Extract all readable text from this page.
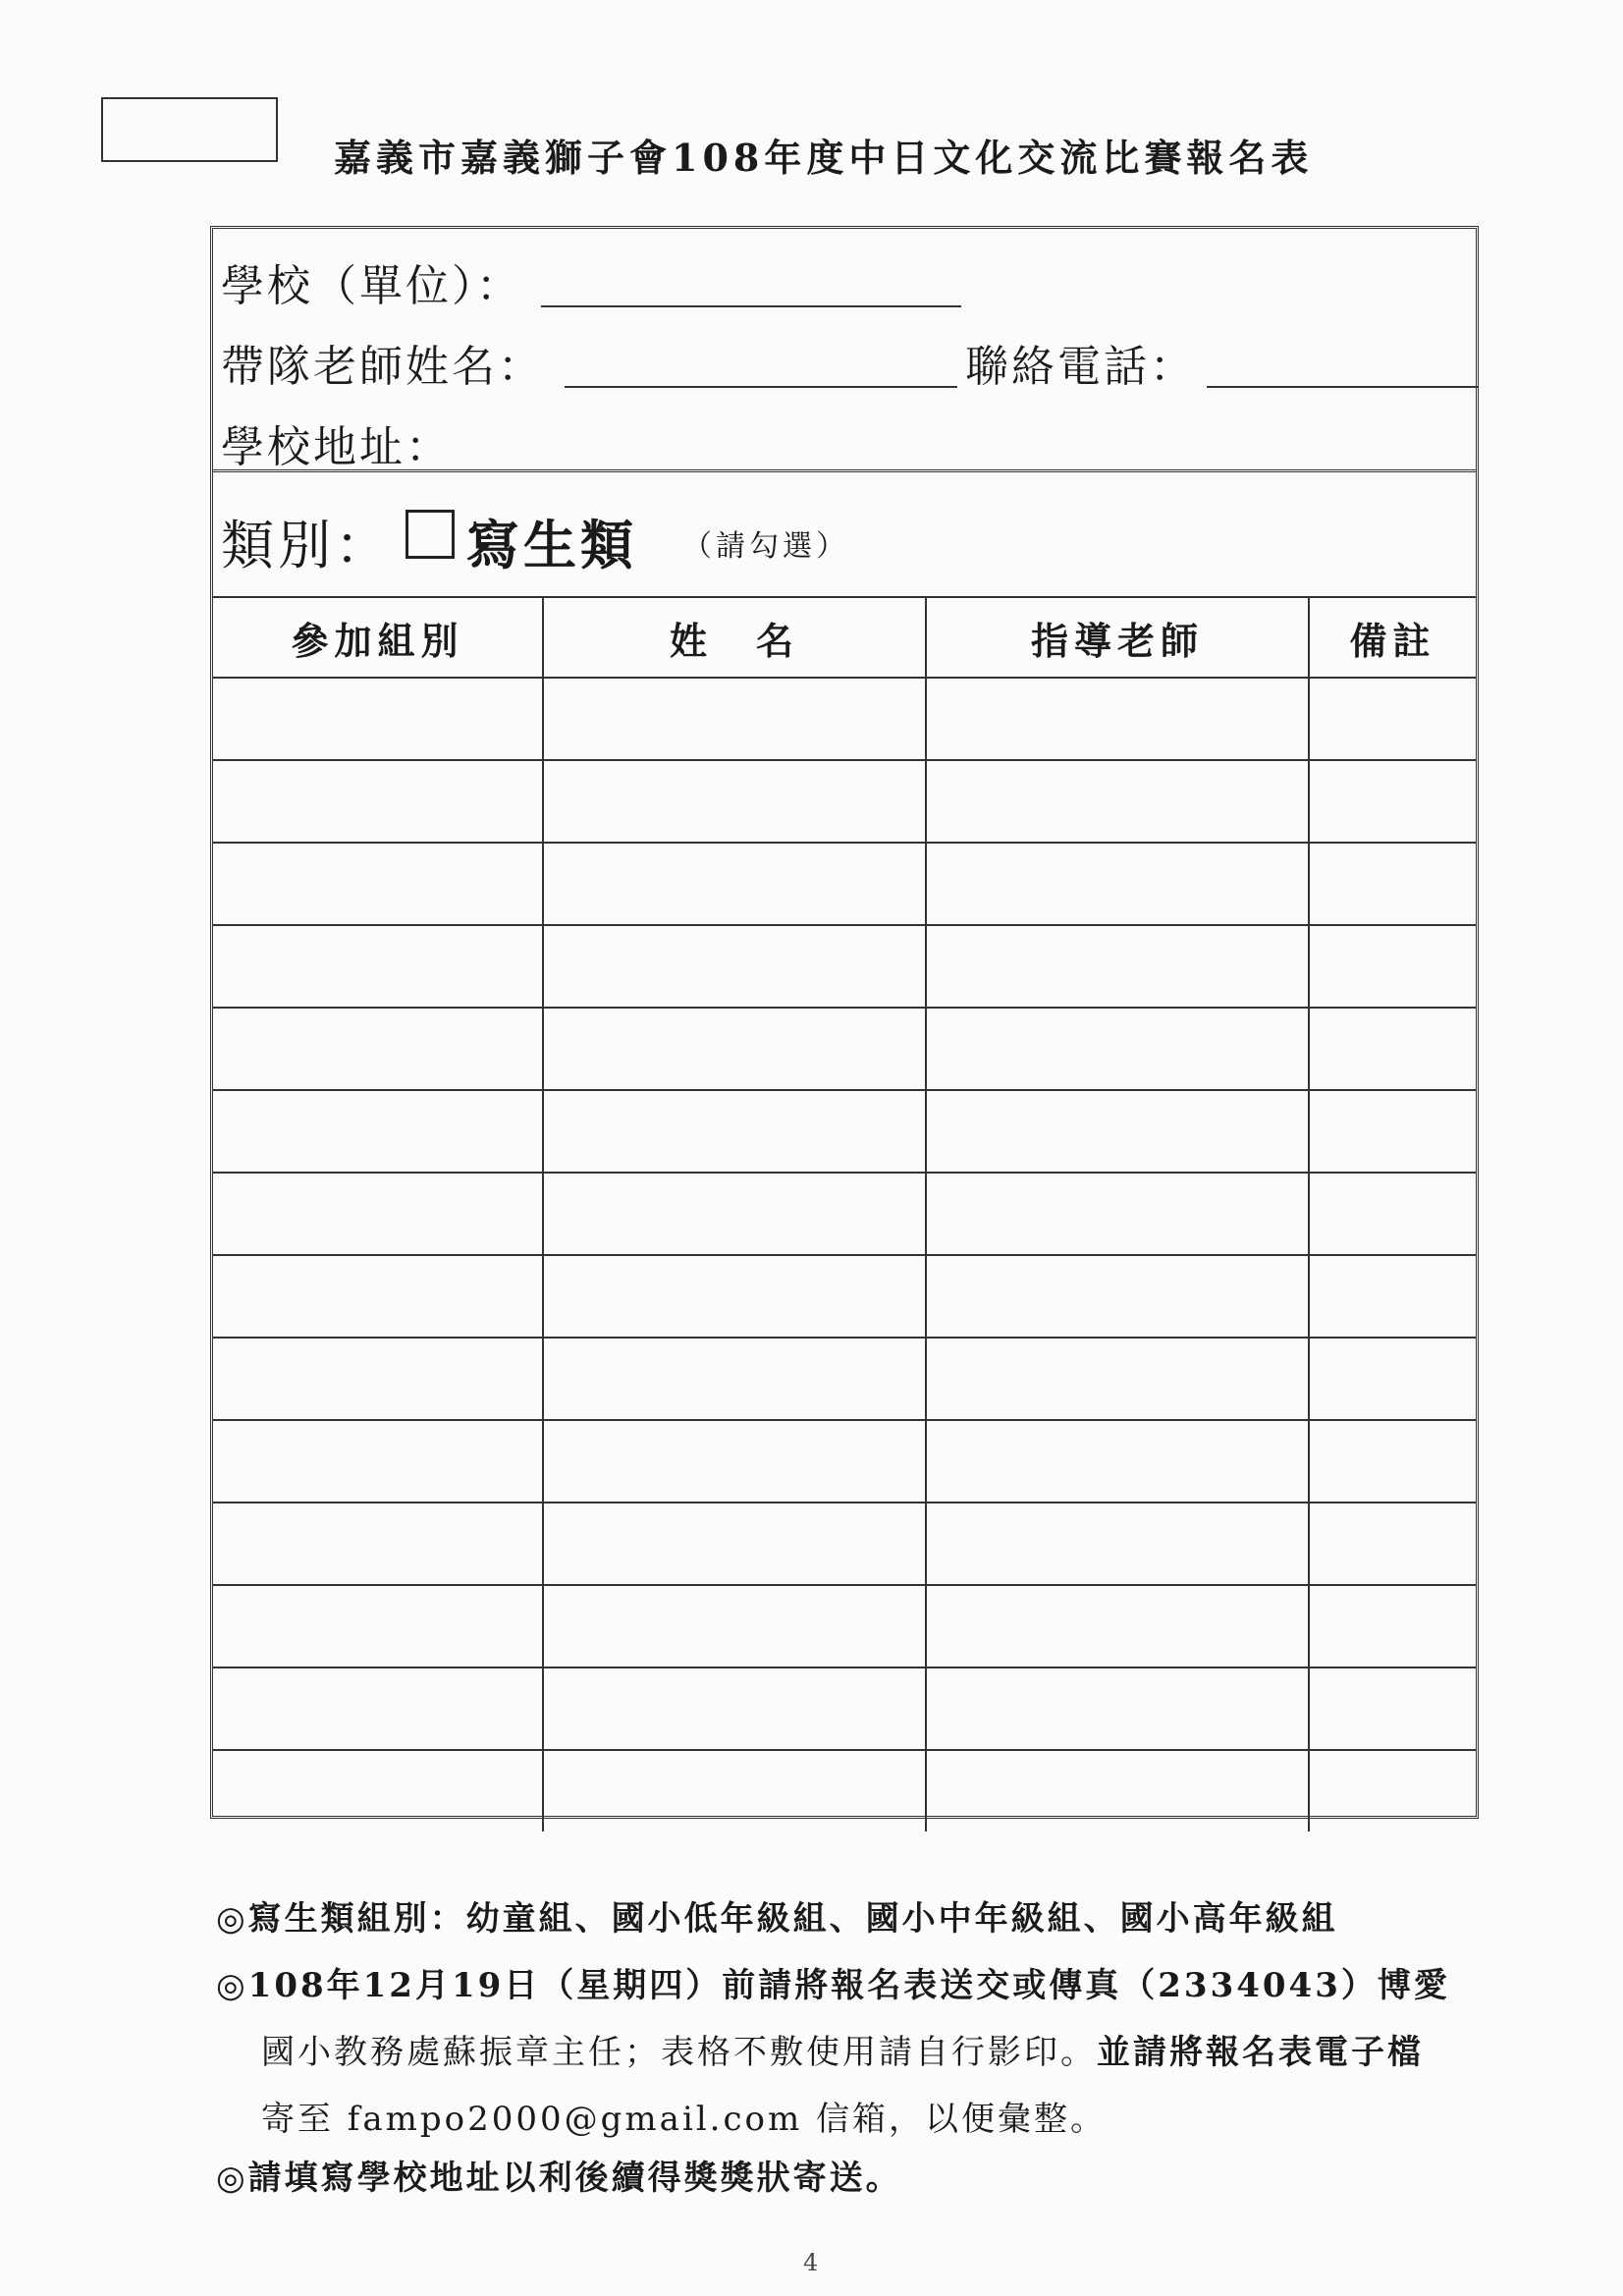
嘉義市嘉義獅子會108年度中日文化交流比賽報名表
學校（單位）：
帶隊老師姓名：	聯絡電話：
學校地址：
類別： 寫生類 （請勾選）
參加組別	姓　名	指導老師	備註

◎寫生類組別：幼童組、國小低年級組、國小中年級組、國小高年級組
◎108年12月19日（星期四）前請將報名表送交或傳真（2334043）博愛
國小教務處蘇振章主任；表格不敷使用請自行影印。並請將報名表電子檔
寄至 fampo2000@gmail.com 信箱，以便彙整。
◎請填寫學校地址以利後續得獎獎狀寄送。
4
